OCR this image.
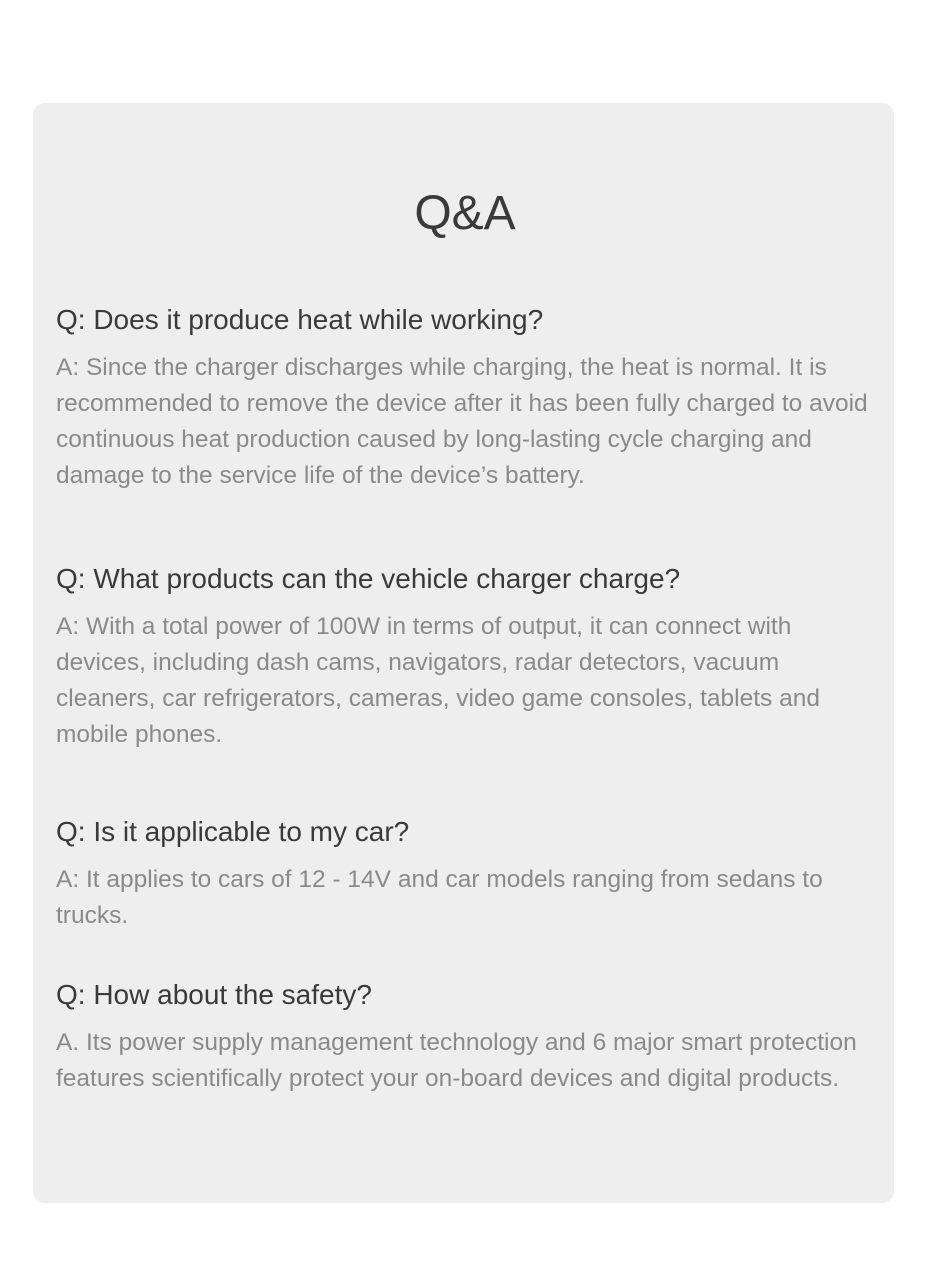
Q&A
Q: Does it produce heat while working?

A: Since the charger discharges while charging, the heat is normal. It is recommended to remove the device after it has been fully charged to avoid continuous heat production caused by long-lasting cycle charging and damage to the service life of the device’s battery.

Q: What products can the vehicle charger charge?

A: With a total power of 100W in terms of output, it can connect with devices, including dash cams, navigators, radar detectors, vacuum cleaners, car refrigerators, cameras, video game consoles, tablets and mobile phones.

Q: Is it applicable to my car?

A: It applies to cars of 12 - 14V and car models ranging from sedans to trucks.

Q: How about the safety?

A. Its power supply management technology and 6 major smart protection features scientifically protect your on-board devices and digital products.
